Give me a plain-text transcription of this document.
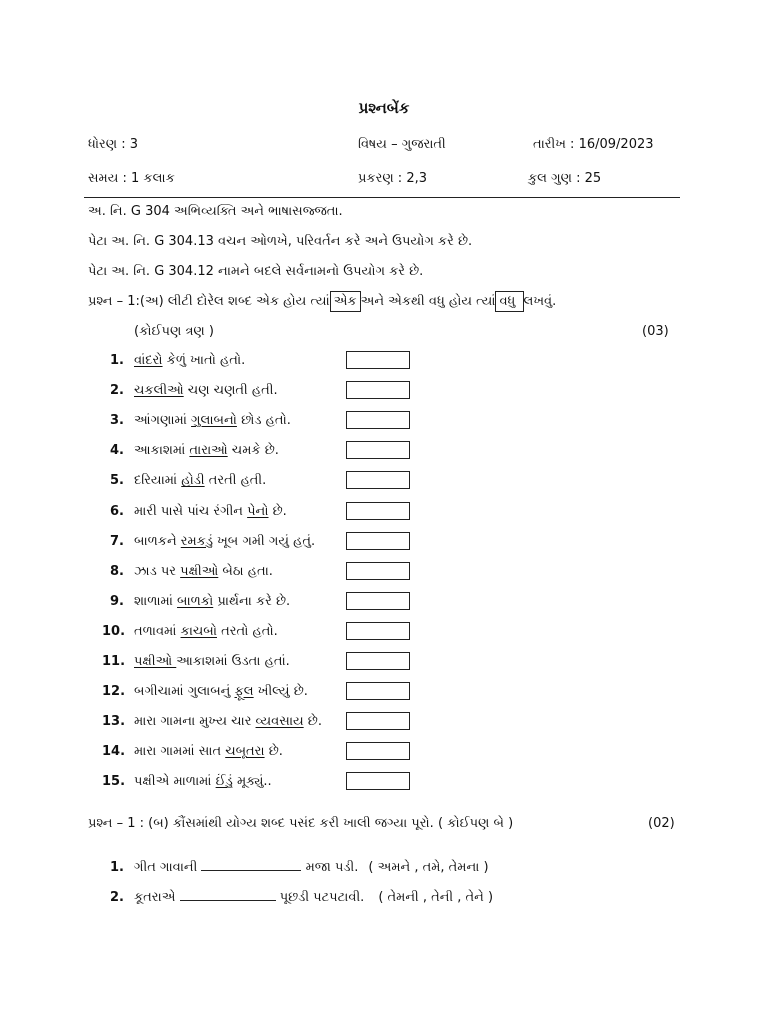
પ્રશ્નબેંક
ધોરણ : 3	વિષય – ગુજરાતી	તારીખ : 16/09/2023
સમય : 1 કલાક	પ્રકરણ : 2,3	કુલ ગુણ : 25
અ. નિ. G 304 અભિવ્યક્તિ અને ભાષાસજ્જતા.
પેટા અ. નિ. G 304.13 વચન ઓળખે, પરિવર્તન કરે અને ઉપયોગ કરે છે.
પેટા અ. નિ. G 304.12 નામને બદલે સર્વનામનો ઉપયોગ કરે છે.
પ્રશ્ન – 1:(અ) લીટી દોરેલ શબ્દ એક હોય ત્યાં એક અને એકથી વધુ હોય ત્યાં વધુ લખવું.
(કોઈપણ ત્રણ )	(03)
1. વાંદરો કેળું ખાતો હતો.
2. ચકલીઓ ચણ ચણતી હતી.
3. આંગણામાં ગુલાબનો છોડ હતો.
4. આકાશમાં તારાઓ ચમકે છે.
5. દરિયામાં હોડી તરતી હતી.
6. મારી પાસે પાંચ રંગીન પેનો છે.
7. બાળકને રમકડું ખૂબ ગમી ગયું હતું.
8. ઝાડ પર પક્ષીઓ બેઠા હતા.
9. શાળામાં બાળકો પ્રાર્થના કરે છે.
10. તળાવમાં કાચબો તરતો હતો.
11. પક્ષીઓ આકાશમાં ઉડતા હતાં.
12. બગીચામાં ગુલાબનું ફૂલ ખીલ્યું છે.
13. મારા ગામના મુખ્ય ચાર વ્યવસાય છે.
14. મારા ગામમાં સાત ચબૂતરા છે.
15. પક્ષીએ માળામાં ઈંડું મૂક્યું..
પ્રશ્ન – 1 : (બ) કૌંસમાંથી યોગ્ય શબ્દ પસંદ કરી ખાલી જગ્યા પૂરો. ( કોઈપણ બે )	(02)
1. ગીત ગાવાની	મજા પડી. ( અમને , તમે, તેમના )
2. કૂતરાએ	પૂછડી પટપટાવી. ( તેમની , તેની , તેને )
